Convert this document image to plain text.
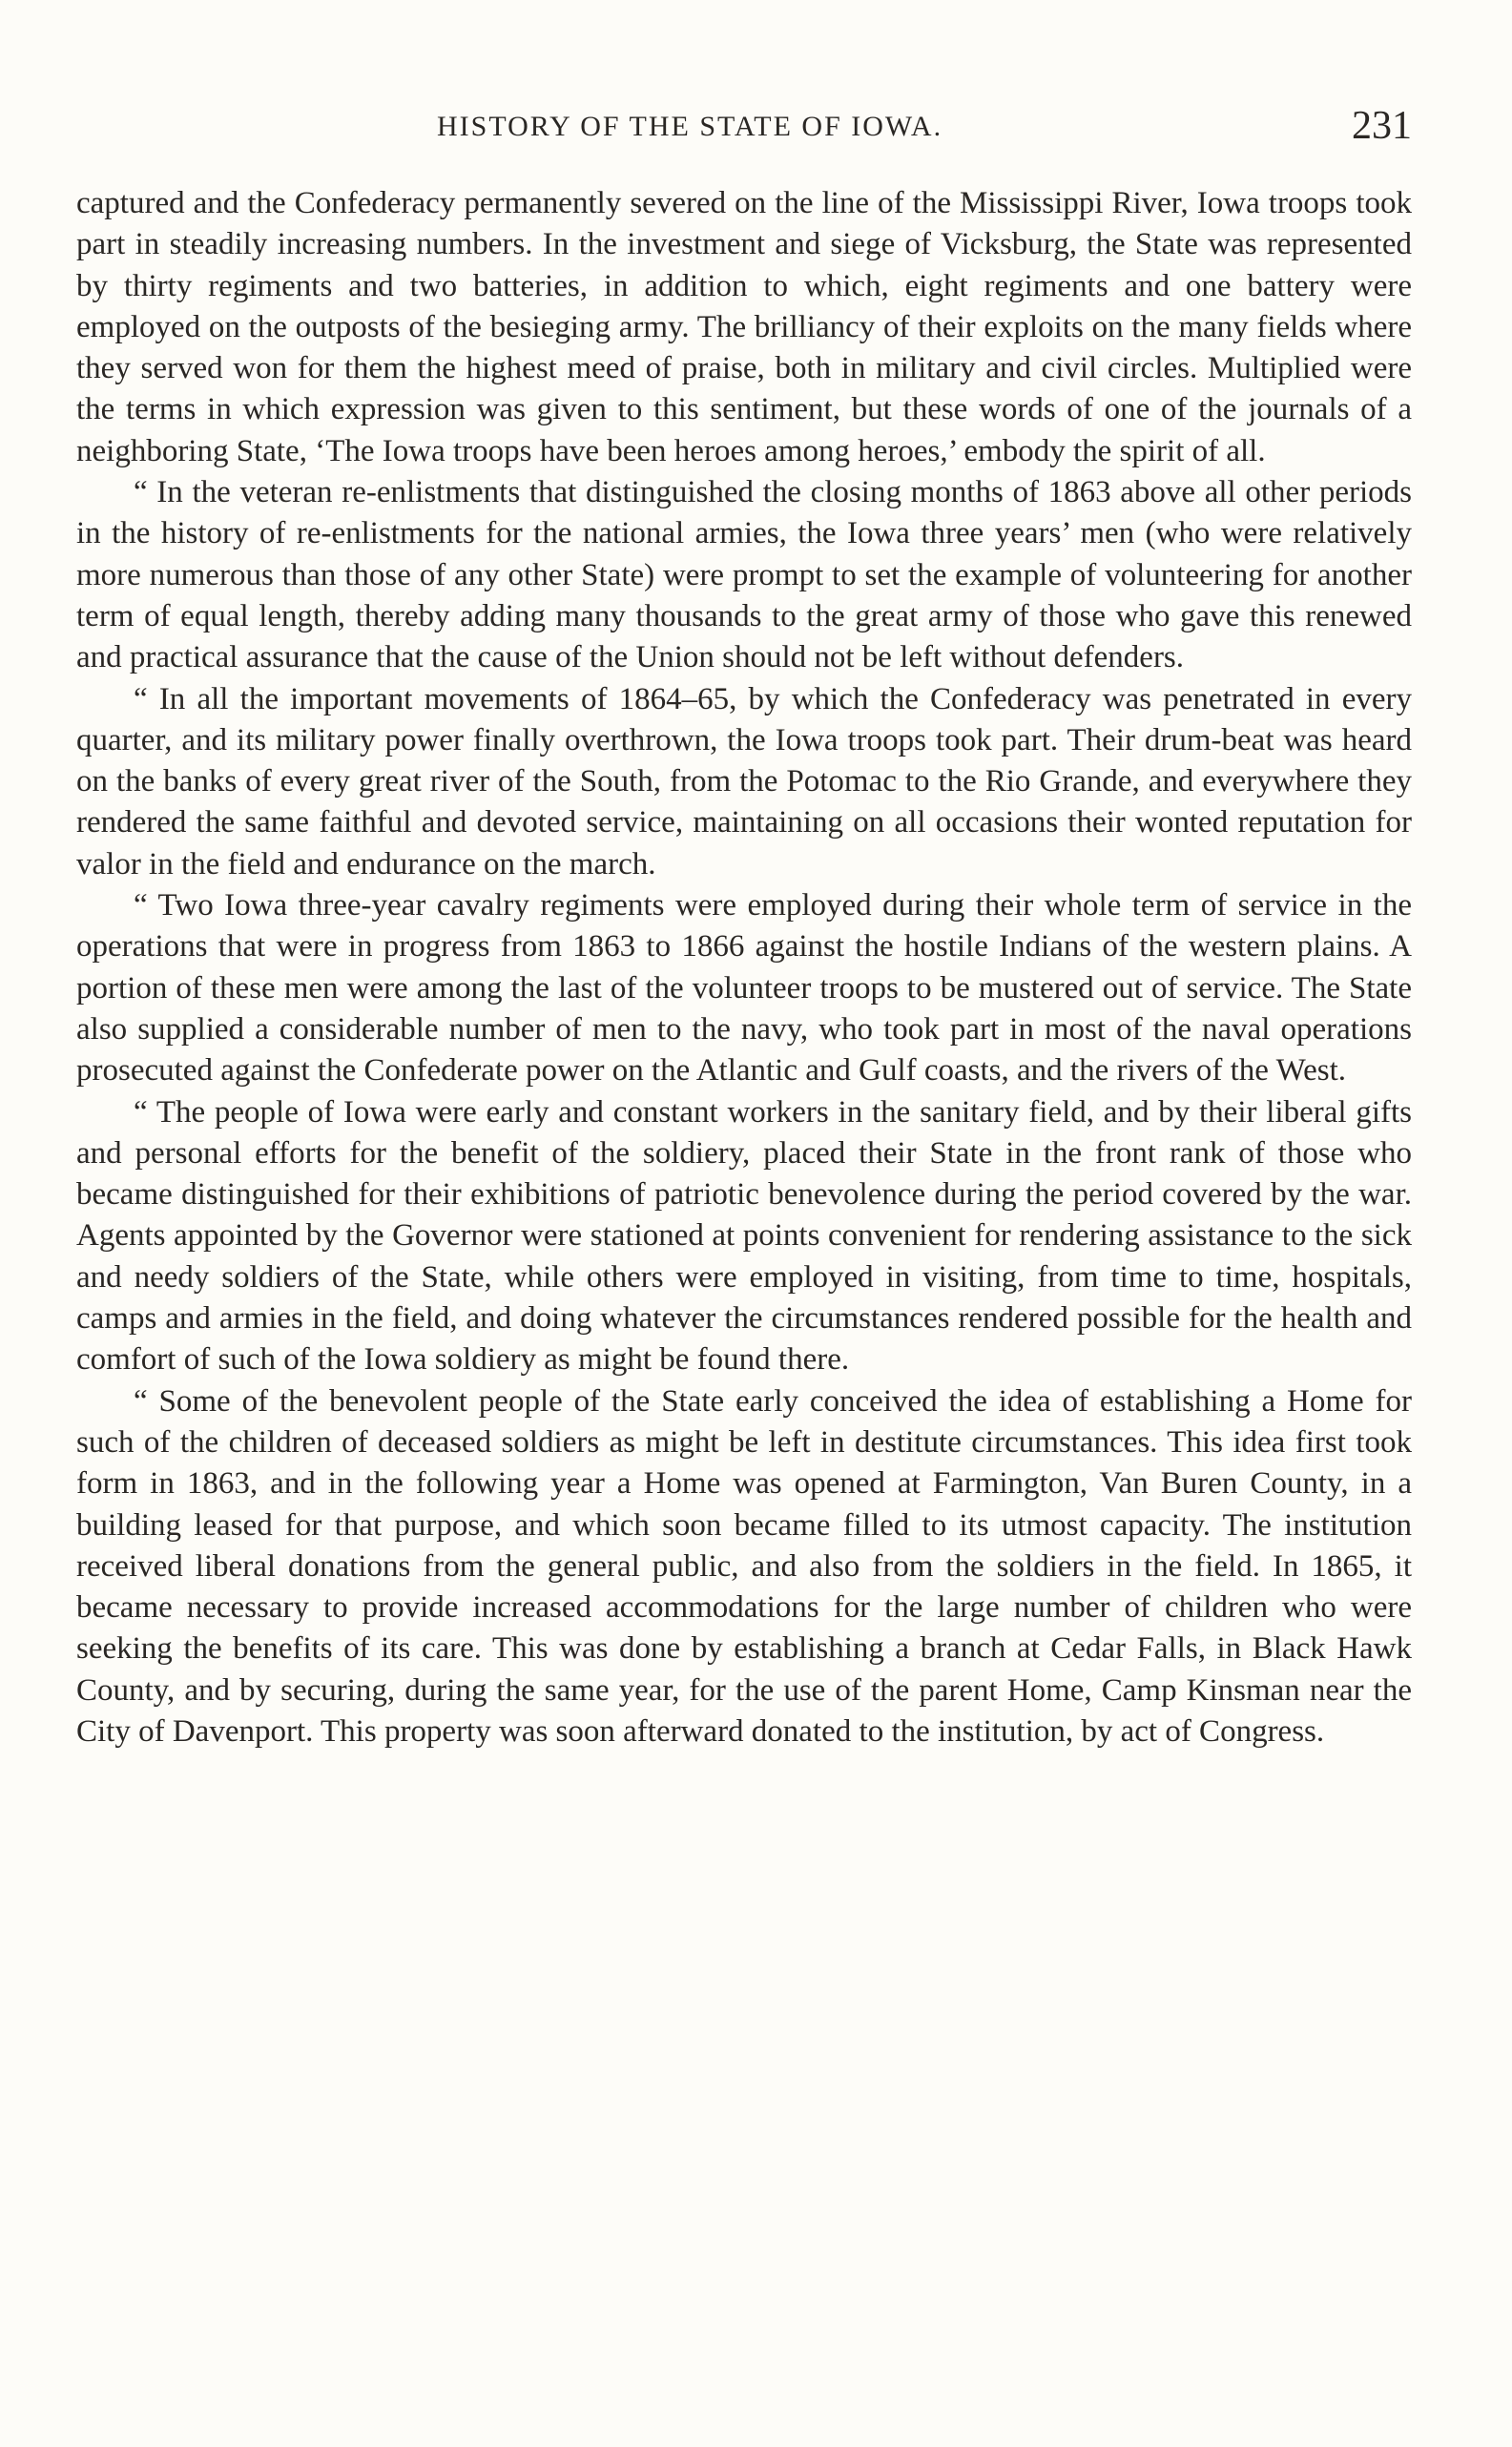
HISTORY OF THE STATE OF IOWA.	231

captured and the Confederacy permanently severed on the line of the Mississippi River, Iowa troops took part in steadily increasing numbers. In the investment and siege of Vicksburg, the State was represented by thirty regiments and two batteries, in addition to which, eight regiments and one battery were employed on the outposts of the besieging army. The brilliancy of their exploits on the many fields where they served won for them the highest meed of praise, both in military and civil circles. Multiplied were the terms in which expression was given to this sentiment, but these words of one of the journals of a neighboring State, ‘The Iowa troops have been heroes among heroes,’ embody the spirit of all.

“ In the veteran re-enlistments that distinguished the closing months of 1863 above all other periods in the history of re-enlistments for the national armies, the Iowa three years’ men (who were relatively more numerous than those of any other State) were prompt to set the example of volunteering for another term of equal length, thereby adding many thousands to the great army of those who gave this renewed and practical assurance that the cause of the Union should not be left without defenders.

“ In all the important movements of 1864–65, by which the Confederacy was penetrated in every quarter, and its military power finally overthrown, the Iowa troops took part. Their drum-beat was heard on the banks of every great river of the South, from the Potomac to the Rio Grande, and everywhere they rendered the same faithful and devoted service, maintaining on all occasions their wonted reputation for valor in the field and endurance on the march.

“ Two Iowa three-year cavalry regiments were employed during their whole term of service in the operations that were in progress from 1863 to 1866 against the hostile Indians of the western plains. A portion of these men were among the last of the volunteer troops to be mustered out of service. The State also supplied a considerable number of men to the navy, who took part in most of the naval operations prosecuted against the Confederate power on the Atlantic and Gulf coasts, and the rivers of the West.

“ The people of Iowa were early and constant workers in the sanitary field, and by their liberal gifts and personal efforts for the benefit of the soldiery, placed their State in the front rank of those who became distinguished for their exhibitions of patriotic benevolence during the period covered by the war. Agents appointed by the Governor were stationed at points convenient for rendering assistance to the sick and needy soldiers of the State, while others were employed in visiting, from time to time, hospitals, camps and armies in the field, and doing whatever the circumstances rendered possible for the health and comfort of such of the Iowa soldiery as might be found there.

“ Some of the benevolent people of the State early conceived the idea of establishing a Home for such of the children of deceased soldiers as might be left in destitute circumstances. This idea first took form in 1863, and in the following year a Home was opened at Farmington, Van Buren County, in a building leased for that purpose, and which soon became filled to its utmost capacity. The institution received liberal donations from the general public, and also from the soldiers in the field. In 1865, it became necessary to provide increased accommodations for the large number of children who were seeking the benefits of its care. This was done by establishing a branch at Cedar Falls, in Black Hawk County, and by securing, during the same year, for the use of the parent Home, Camp Kinsman near the City of Davenport. This property was soon afterward donated to the institution, by act of Congress.
